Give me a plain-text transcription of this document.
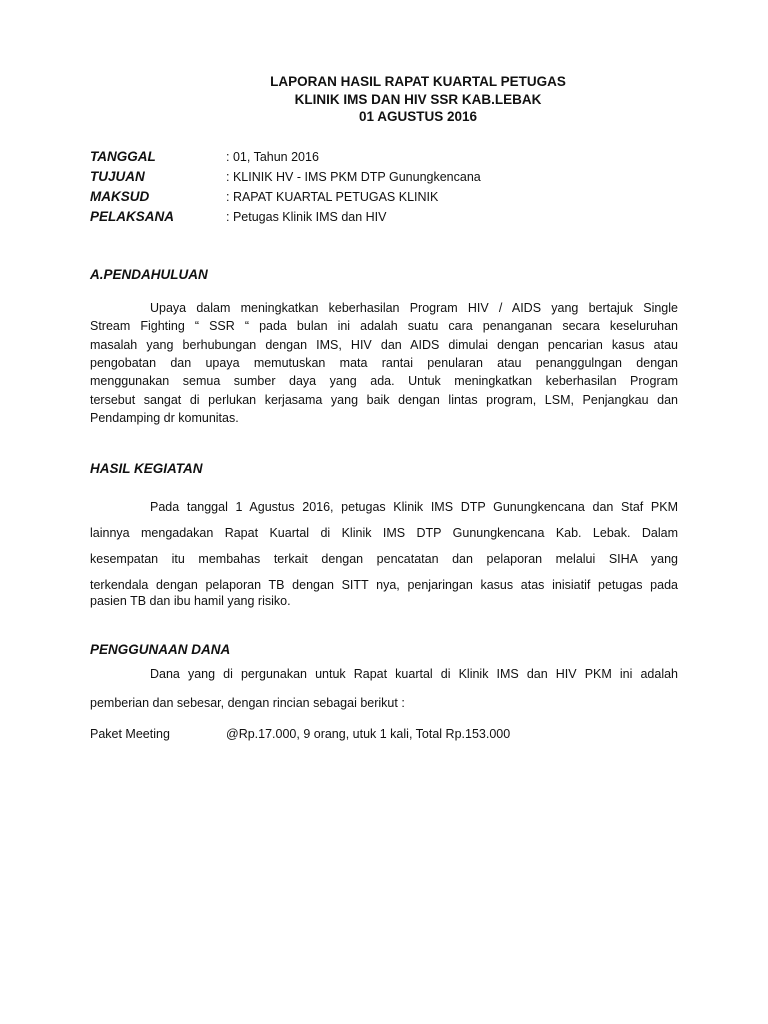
LAPORAN HASIL RAPAT KUARTAL PETUGAS
KLINIK IMS DAN HIV SSR KAB.LEBAK
01 AGUSTUS 2016
TANGGAL	: 01, Tahun 2016
TUJUAN	: KLINIK HV - IMS PKM DTP Gunungkencana
MAKSUD	: RAPAT KUARTAL PETUGAS KLINIK
PELAKSANA	: Petugas Klinik IMS dan HIV
A.PENDAHULUAN
Upaya dalam meningkatkan keberhasilan Program HIV / AIDS yang bertajuk Single
Stream Fighting “ SSR “ pada bulan ini adalah suatu cara penanganan secara keseluruhan
masalah yang berhubungan dengan IMS, HIV dan AIDS dimulai dengan pencarian kasus atau
pengobatan dan upaya memutuskan mata rantai penularan atau penanggulngan dengan
menggunakan semua sumber daya yang ada. Untuk meningkatkan keberhasilan Program
tersebut sangat di perlukan kerjasama yang baik dengan lintas program, LSM, Penjangkau dan
Pendamping dr komunitas.
HASIL KEGIATAN
Pada tanggal 1 Agustus 2016, petugas Klinik IMS DTP Gunungkencana dan Staf PKM
lainnya mengadakan Rapat Kuartal di Klinik IMS DTP Gunungkencana Kab. Lebak. Dalam
kesempatan itu membahas terkait dengan pencatatan dan pelaporan melalui SIHA yang
terkendala dengan pelaporan TB dengan SITT nya, penjaringan kasus atas inisiatif petugas pada
pasien TB dan ibu hamil yang risiko.
PENGGUNAAN DANA
Dana yang di pergunakan untuk Rapat kuartal di Klinik IMS dan HIV PKM ini adalah
pemberian dan sebesar, dengan rincian sebagai berikut :
Paket Meeting	@Rp.17.000, 9 orang, utuk 1 kali, Total Rp.153.000
